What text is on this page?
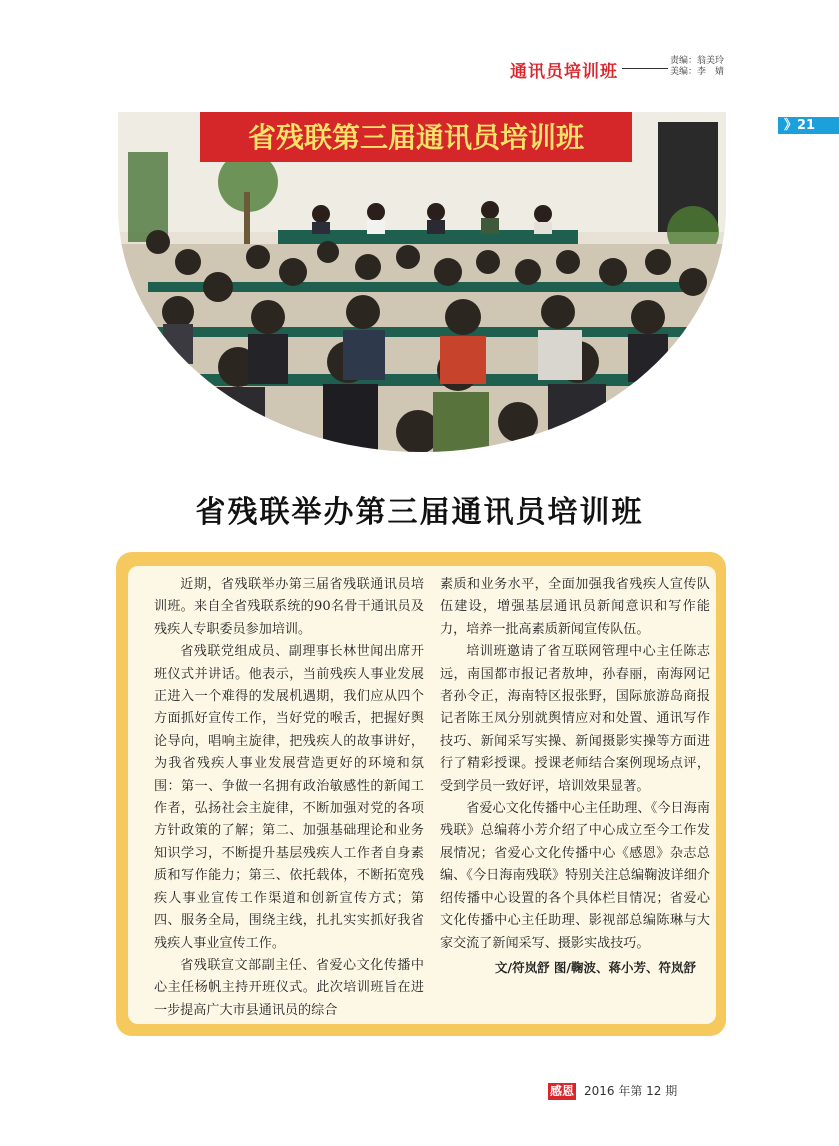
通讯员培训班
责编：翁美玲
美编：李　婧
》21
省残联第三届通讯员培训班
省残联举办第三届通讯员培训班

近期，省残联举办第三届省残联通讯员培训班。来自全省残联系统的90名骨干通讯员及残疾人专职委员参加培训。

省残联党组成员、副理事长林世闻出席开班仪式并讲话。他表示，当前残疾人事业发展正进入一个难得的发展机遇期，我们应从四个方面抓好宣传工作，当好党的喉舌，把握好舆论导向，唱响主旋律，把残疾人的故事讲好，为我省残疾人事业发展营造更好的环境和氛围：第一、争做一名拥有政治敏感性的新闻工作者，弘扬社会主旋律，不断加强对党的各项方针政策的了解；第二、加强基础理论和业务知识学习，不断提升基层残疾人工作者自身素质和写作能力；第三、依托载体，不断拓宽残疾人事业宣传工作渠道和创新宣传方式；第四、服务全局，围绕主线，扎扎实实抓好我省残疾人事业宣传工作。

省残联宣文部副主任、省爱心文化传播中心主任杨帆主持开班仪式。此次培训班旨在进一步提高广大市县通讯员的综合

素质和业务水平，全面加强我省残疾人宣传队伍建设，增强基层通讯员新闻意识和写作能力，培养一批高素质新闻宣传队伍。

培训班邀请了省互联网管理中心主任陈志远，南国都市报记者敖坤，孙春丽，南海网记者孙令正，海南特区报张野，国际旅游岛商报记者陈王凤分别就舆情应对和处置、通讯写作技巧、新闻采写实操、新闻摄影实操等方面进行了精彩授课。授课老师结合案例现场点评，受到学员一致好评，培训效果显著。

省爱心文化传播中心主任助理、《今日海南残联》总编蒋小芳介绍了中心成立至今工作发展情况；省爱心文化传播中心《感恩》杂志总编、《今日海南残联》特别关注总编鞠波详细介绍传播中心设置的各个具体栏目情况；省爱心文化传播中心主任助理、影视部总编陈琳与大家交流了新闻采写、摄影实战技巧。

文/符岚舒 图/鞠波、蒋小芳、符岚舒
感恩 2016 年第 12 期
